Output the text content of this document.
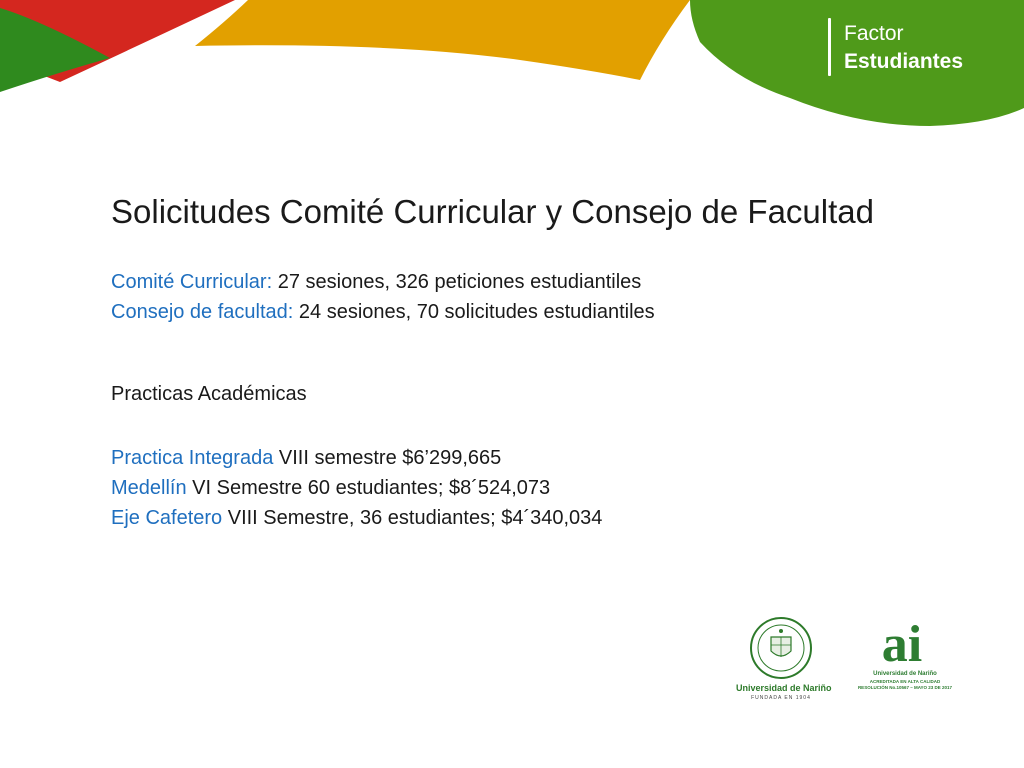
Factor
Estudiantes
Solicitudes Comité Curricular y Consejo de Facultad
Comité Curricular: 27 sesiones, 326 peticiones estudiantiles
Consejo de facultad: 24 sesiones, 70 solicitudes estudiantiles
Practicas Académicas
Practica Integrada VIII semestre $6’299,665
Medellín VI Semestre 60 estudiantes; $8´524,073
Eje Cafetero VIII Semestre, 36 estudiantes; $4´340,034
Universidad de Nariño
FUNDADA EN 1904
ai
Universidad de Nariño
ACREDITADA EN ALTA CALIDAD
RESOLUCIÓN No.10567 – MAYO 23 DE 2017
